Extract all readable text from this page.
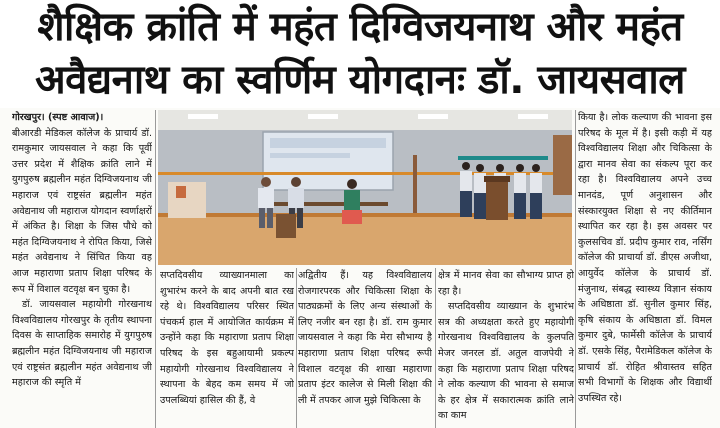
शैक्षिक क्रांति में महंत दिग्विजयनाथ और महंत
अवैद्यनाथ का स्वर्णिम योगदानः डॉ. जायसवाल

गोरखपुर। (स्पष्ट आवाज)।

बीआरडी मेडिकल कॉलेज के प्राचार्य डॉ. रामकुमार जायसवाल ने कहा कि पूर्वी उत्तर प्रदेश में शैक्षिक क्रांति लाने में युगपुरुष ब्रह्मलीन महंत दिग्विजयनाथ जी महाराज एवं राष्ट्रसंत ब्रह्मलीन महंत अवेद्यनाथ जी महाराज योगदान स्वर्णाक्षरों में अंकित है। शिक्षा के जिस पौधे को महंत दिग्विजयनाथ ने रोपित किया, जिसे महंत अवेद्यनाथ ने सिंचित किया वह आज महाराणा प्रताप शिक्षा परिषद के रूप में विशाल वटवृक्ष बन चुका है।

डॉ. जायसवाल महायोगी गोरखनाथ विश्वविद्यालय गोरखपुर के तृतीय स्थापना दिवस के साप्ताहिक समारोह में युगपुरुष ब्रह्मलीन महंत दिग्विजयनाथ जी महाराज एवं राष्ट्रसंत ब्रह्मलीन महंत अवेद्यनाथ जी महाराज की स्मृति में

सप्तदिवसीय व्याख्यानमाला का शुभारंभ करने के बाद अपनी बात रख रहे थे। विश्वविद्यालय परिसर स्थित पंचकर्म हाल में आयोजित कार्यक्रम में उन्होंने कहा कि महाराणा प्रताप शिक्षा परिषद के इस बहुआयामी प्रकल्प महायोगी गोरखनाथ विश्वविद्यालय ने स्थापना के बेहद कम समय में जो उपलब्धियां हासिल की हैं, वे

अद्वितीय हैं। यह विश्वविद्यालय रोजगारपरक और चिकित्सा शिक्षा के पाठ्यक्रमों के लिए अन्य संस्थाओं के लिए नजीर बन रहा है। डॉ. राम कुमार जायसवाल ने कहा कि मेरा सौभाग्य है महाराणा प्रताप शिक्षा परिषद रूपी विशाल वटवृक्ष की शाखा महाराणा प्रताप इंटर कालेज से मिली शिक्षा की ली में तपकर आज मुझे चिकित्सा के

क्षेत्र में मानव सेवा का सौभाग्य प्राप्त हो रहा है।

सप्तदिवसीय व्याख्यान के शुभारंभ सत्र की अध्यक्षता करते हुए महायोगी गोरखनाथ विश्वविद्यालय के कुलपति मेजर जनरल डॉ. अतुल वाजपेयी ने कहा कि महाराणा प्रताप शिक्षा परिषद ने लोक कल्याण की भावना से समाज के हर क्षेत्र में सकारात्मक क्रांति लाने का काम

किया है। लोक कल्याण की भावना इस परिषद के मूल में है। इसी कड़ी में यह विश्वविद्यालय शिक्षा और चिकित्सा के द्वारा मानव सेवा का संकल्प पूरा कर रहा है। विश्वविद्यालय अपने उच्च मानदंड, पूर्ण अनुशासन और संस्कारयुक्त शिक्षा से नए कीर्तिमान स्थापित कर रहा है। इस अवसर पर कुलसचिव डॉ. प्रदीप कुमार राव, नर्सिंग कॉलेज की प्राचार्या डॉ. डीएस अजीथा, आयुर्वेद कॉलेज के प्राचार्य डॉ. मंजुनाथ, संबद्ध स्वास्थ्य विज्ञान संकाय के अधिष्ठाता डॉ. सुनील कुमार सिंह, कृषि संकाय के अधिष्ठाता डॉ. विमल कुमार दुबे, फार्मेसी कॉलेज के प्राचार्य डॉ. एसके सिंह, पैरामेडिकल कॉलेज के प्राचार्य डॉ. रोहित श्रीवास्तव सहित सभी विभागों के शिक्षक और विद्यार्थी उपस्थित रहे।
